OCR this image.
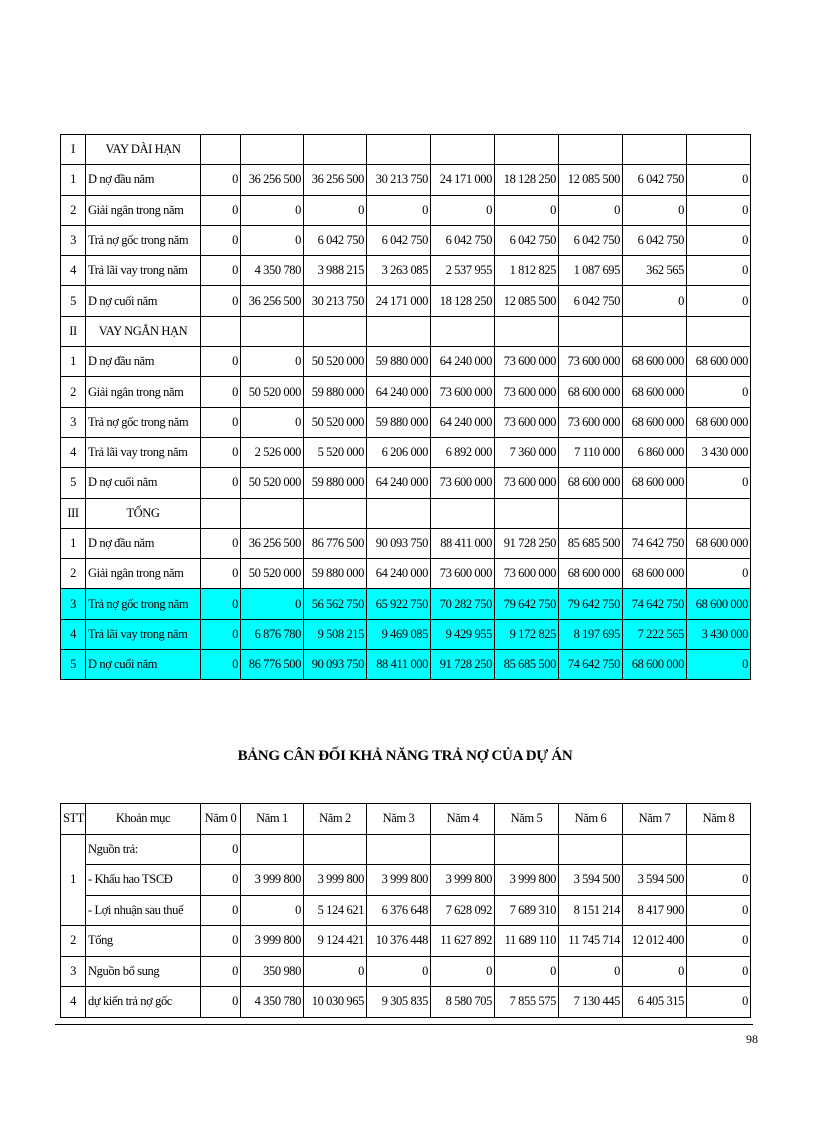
I	VAY DÀI HẠN									
1	D nợ đầu năm	0	36 256 500	36 256 500	30 213 750	24 171 000	18 128 250	12 085 500	6 042 750	0
2	Giải ngân trong năm	0	0	0	0	0	0	0	0	0
3	Trả nợ gốc trong năm	0	0	6 042 750	6 042 750	6 042 750	6 042 750	6 042 750	6 042 750	0
4	Trả lãi vay trong năm	0	4 350 780	3 988 215	3 263 085	2 537 955	1 812 825	1 087 695	362 565	0
5	D nợ cuối năm	0	36 256 500	30 213 750	24 171 000	18 128 250	12 085 500	6 042 750	0	0
II	VAY NGẮN HẠN									
1	D nợ đầu năm	0	0	50 520 000	59 880 000	64 240 000	73 600 000	73 600 000	68 600 000	68 600 000
2	Giải ngân trong năm	0	50 520 000	59 880 000	64 240 000	73 600 000	73 600 000	68 600 000	68 600 000	0
3	Trả nợ gốc trong năm	0	0	50 520 000	59 880 000	64 240 000	73 600 000	73 600 000	68 600 000	68 600 000
4	Trả lãi vay trong năm	0	2 526 000	5 520 000	6 206 000	6 892 000	7 360 000	7 110 000	6 860 000	3 430 000
5	D nợ cuối năm	0	50 520 000	59 880 000	64 240 000	73 600 000	73 600 000	68 600 000	68 600 000	0
III	TỔNG									
1	D nợ đầu năm	0	36 256 500	86 776 500	90 093 750	88 411 000	91 728 250	85 685 500	74 642 750	68 600 000
2	Giải ngân trong năm	0	50 520 000	59 880 000	64 240 000	73 600 000	73 600 000	68 600 000	68 600 000	0
3	Trả nợ gốc trong năm	0	0	56 562 750	65 922 750	70 282 750	79 642 750	79 642 750	74 642 750	68 600 000
4	Trả lãi vay trong năm	0	6 876 780	9 508 215	9 469 085	9 429 955	9 172 825	8 197 695	7 222 565	3 430 000
5	D nợ cuối năm	0	86 776 500	90 093 750	88 411 000	91 728 250	85 685 500	74 642 750	68 600 000	0
BẢNG CÂN ĐỐI KHẢ NĂNG TRẢ NỢ CỦA DỰ ÁN
STT	Khoản mục	Năm 0	Năm 1	Năm 2	Năm 3	Năm 4	Năm 5	Năm 6	Năm 7	Năm 8
1	Nguồn trả:	0								
	- Khấu hao TSCĐ	0	3 999 800	3 999 800	3 999 800	3 999 800	3 999 800	3 594 500	3 594 500	0
	- Lợi nhuận sau thuế	0	0	5 124 621	6 376 648	7 628 092	7 689 310	8 151 214	8 417 900	0
2	Tổng	0	3 999 800	9 124 421	10 376 448	11 627 892	11 689 110	11 745 714	12 012 400	0
3	Nguồn bổ sung	0	350 980	0	0	0	0	0	0	0
4	dự kiến trả nợ gốc	0	4 350 780	10 030 965	9 305 835	8 580 705	7 855 575	7 130 445	6 405 315	0
98
